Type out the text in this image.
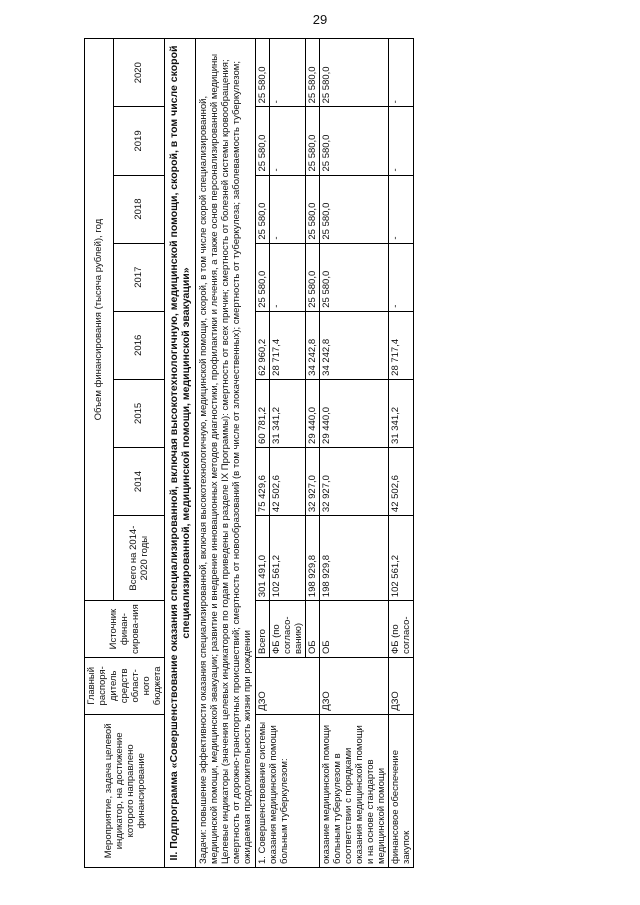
29
Мероприятие, задача целевой индикатор, на достижение которого направлено финансирование	Главный распоря-дитель средств област-ного бюджета	Источник финан-сирова-ния	Объем финансирования (тысяча рублей), год							
			Всего на 2014-2020 годы	2014	2015	2016	2017	2018	2019	2020
II. Подпрограмма «Совершенствование оказания специализированной, включая высокотехнологичную, медицинской помощи, скорой, в том числе скорой специализированной, медицинской помощи, медицинской эвакуации»										

Задачи: повышение эффективности оказания специализированной, включая высокотехнологичную, медицинской помощи, скорой, в том числе скорой специализированной, медицинской помощи, медицинской эвакуации; развитие и внедрение инновационных методов диагностики, профилактики и лечения, а также основ персонализированной медицины Целевые индикаторы (значения целевых индикаторов по годам приведены в разделе IX Программы): смертность от всех причин; смертность от болезней системы кровообращения; смертность от дорожно-транспортных происшествий; смертность от новообразований (в том числе от злокачественных); смертность от туберкулеза; заболеваемость туберкулезом; ожидаемая продолжительность жизни при рождении										

1. Совершенствование системы оказания медицинской помощи больным туберкулезом:	ДЗО	Всего	301 491,0	75 429,6	60 781,2	62 960,2	25 580,0	25 580,0	25 580,0	25 580,0
		ФБ (по согласо-ванию)	102 561,2	42 502,6	31 341,2	28 717,4	-	-	-	-
		ОБ	198 929,8	32 927,0	29 440,0	34 242,8	25 580,0	25 580,0	25 580,0	25 580,0
оказание медицинской помощи больным туберкулезом в соответствии с порядками оказания медицинской помощи и на основе стандартов медицинской помощи	ДЗО	ОБ	198 929,8	32 927,0	29 440,0	34 242,8	25 580,0	25 580,0	25 580,0	25 580,0
финансовое обеспечение закупок	ДЗО	ФБ (по согласо-	102 561,2	42 502,6	31 341,2	28 717,4	-	-	-	-
